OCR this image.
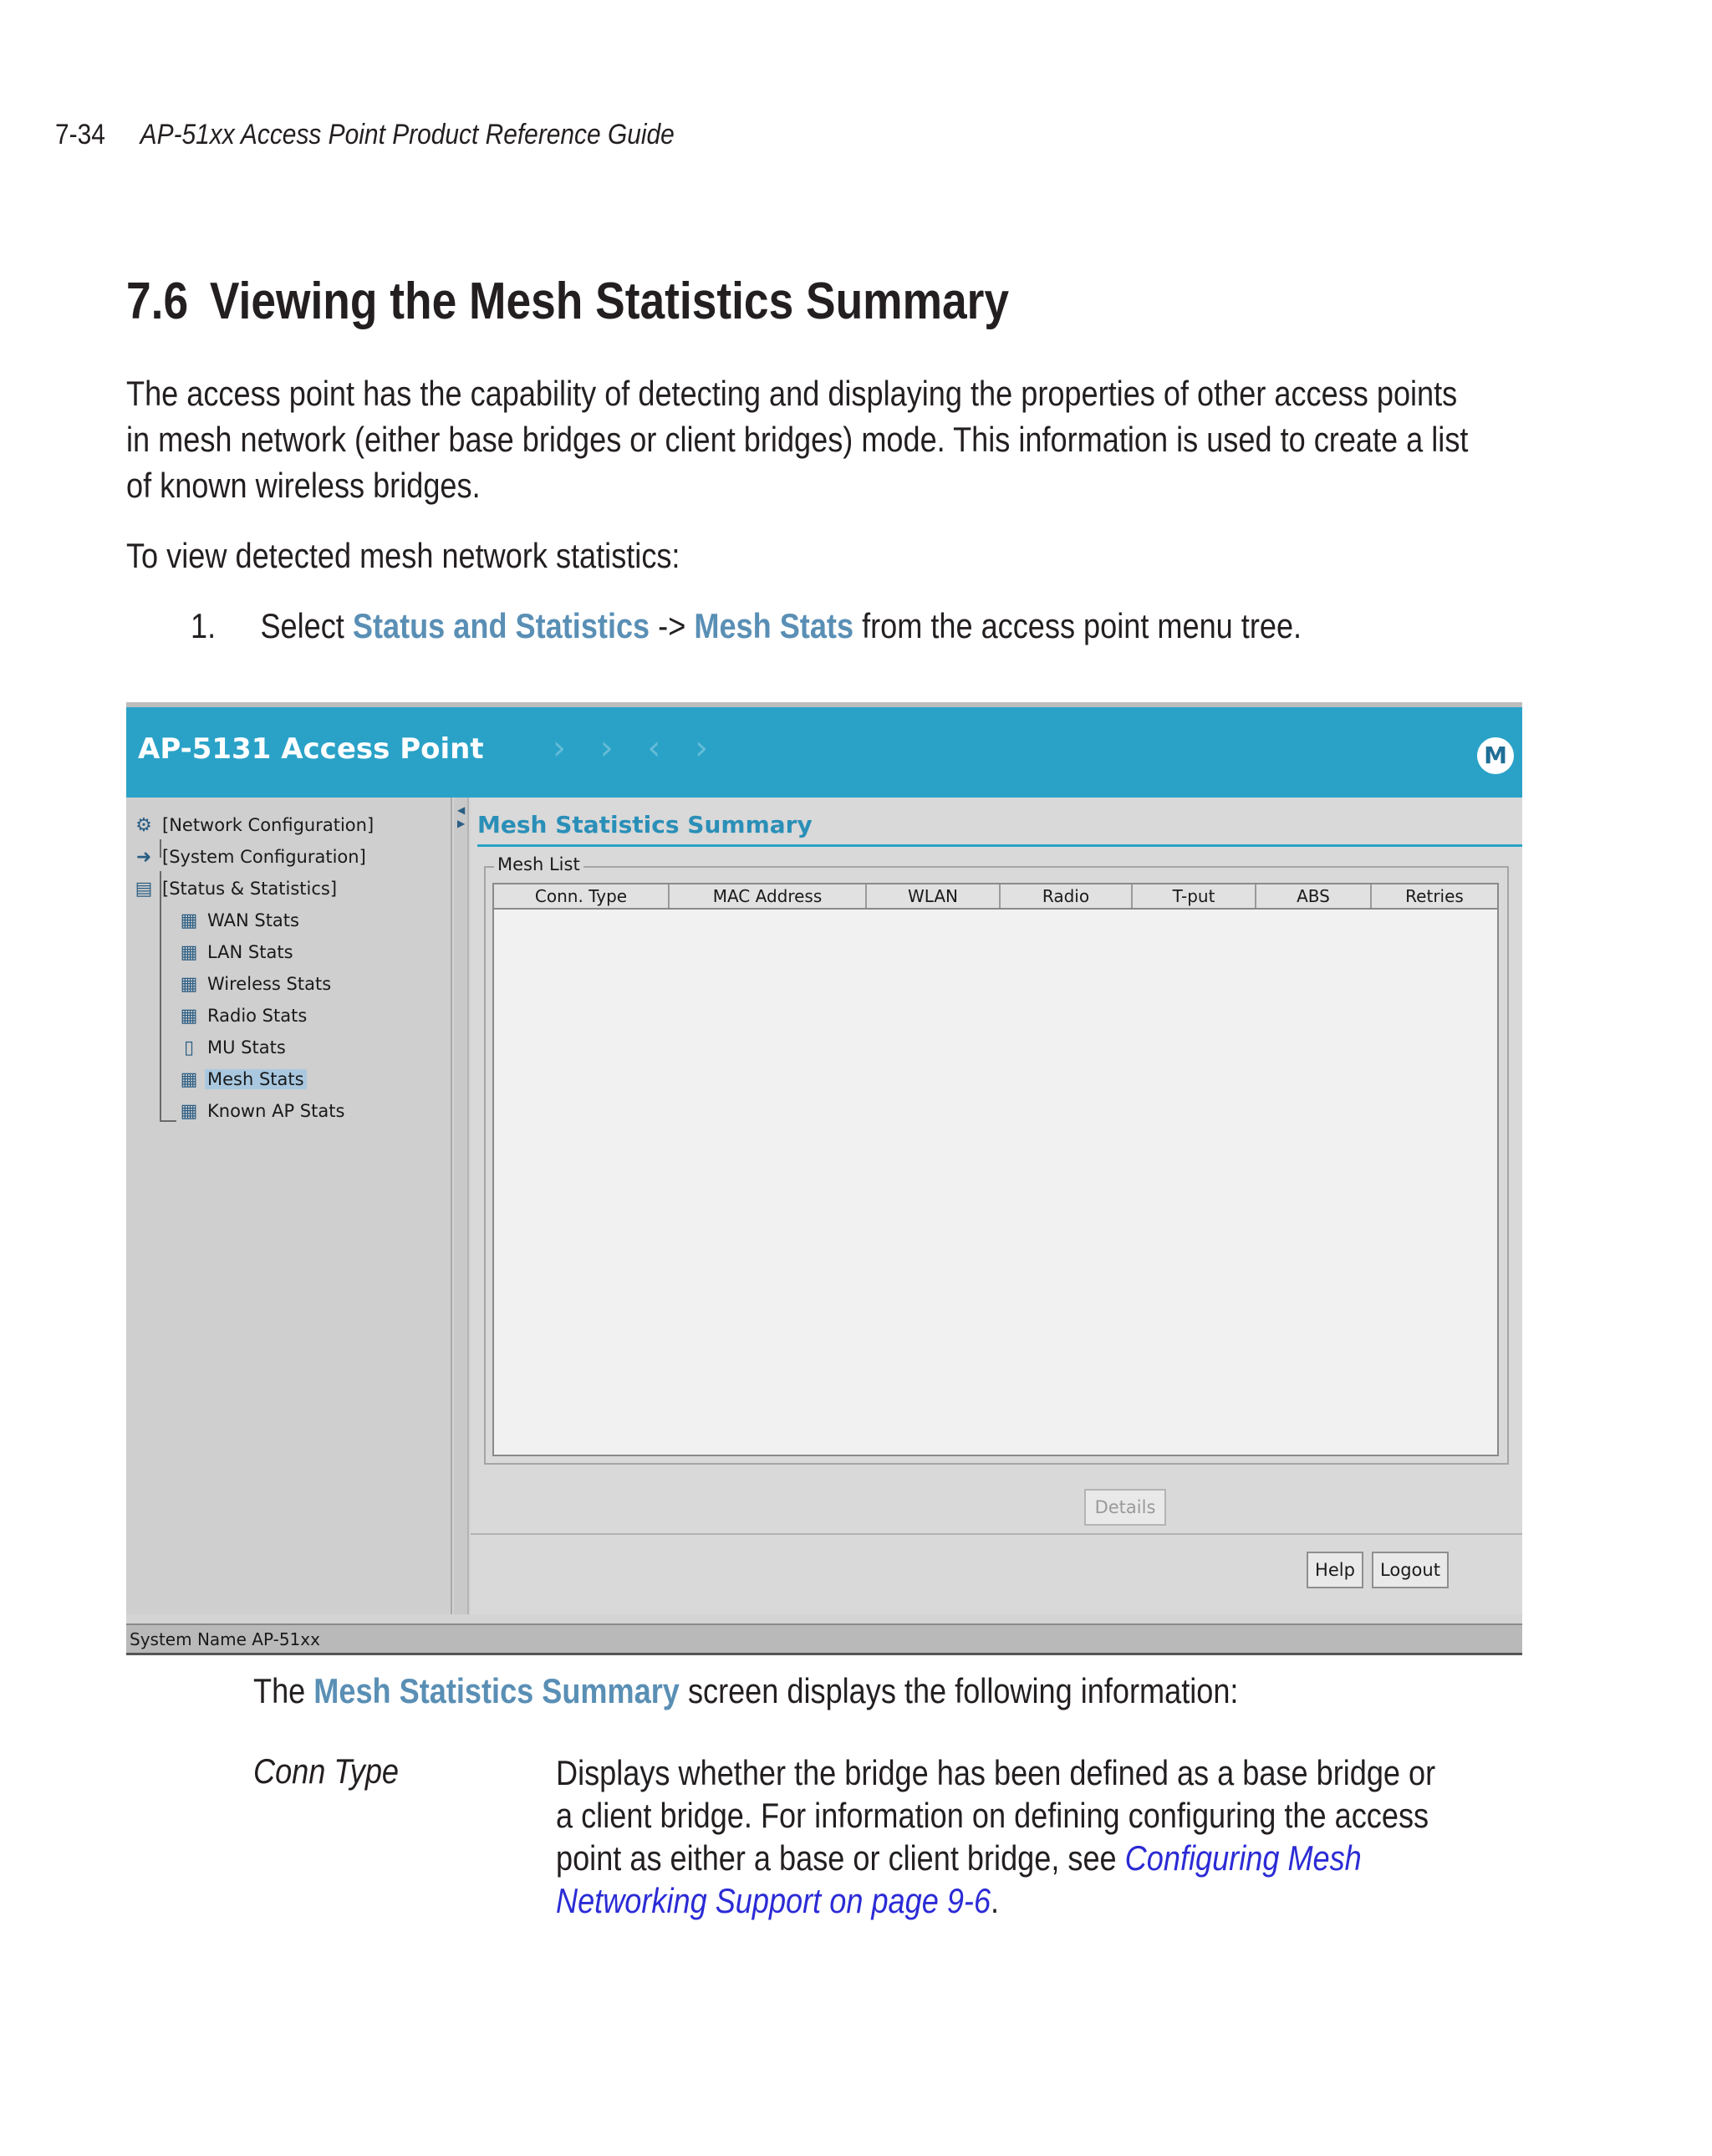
7-34 AP-51xx Access Point Product Reference Guide
7.6 Viewing the Mesh Statistics Summary
The access point has the capability of detecting and displaying the properties of other access points
in mesh network (either base bridges or client bridges) mode. This information is used to create a list
of known wireless bridges.
To view detected mesh network statistics:
1. Select Status and Statistics -> Mesh Stats from the access point menu tree.
AP-5131 Access Point › › ‹ ›	M
⚙ [Network Configuration]
➜ [System Configuration]
▤ [Status & Statistics]
▦ WAN Stats
▦ LAN Stats
▦ Wireless Stats
▦ Radio Stats
▯ MU Stats
▦ Mesh Stats
▦ Known AP Stats
◀
▶ Mesh Statistics Summary
Mesh List
Conn. Type	MAC Address	WLAN	Radio	T-put	ABS	Retries
Details
Help	Logout
System Name AP-51xx
The Mesh Statistics Summary screen displays the following information:
Conn Type	Displays whether the bridge has been defined as a base bridge or
a client bridge. For information on defining configuring the access
point as either a base or client bridge, see Configuring Mesh
Networking Support on page 9-6.
